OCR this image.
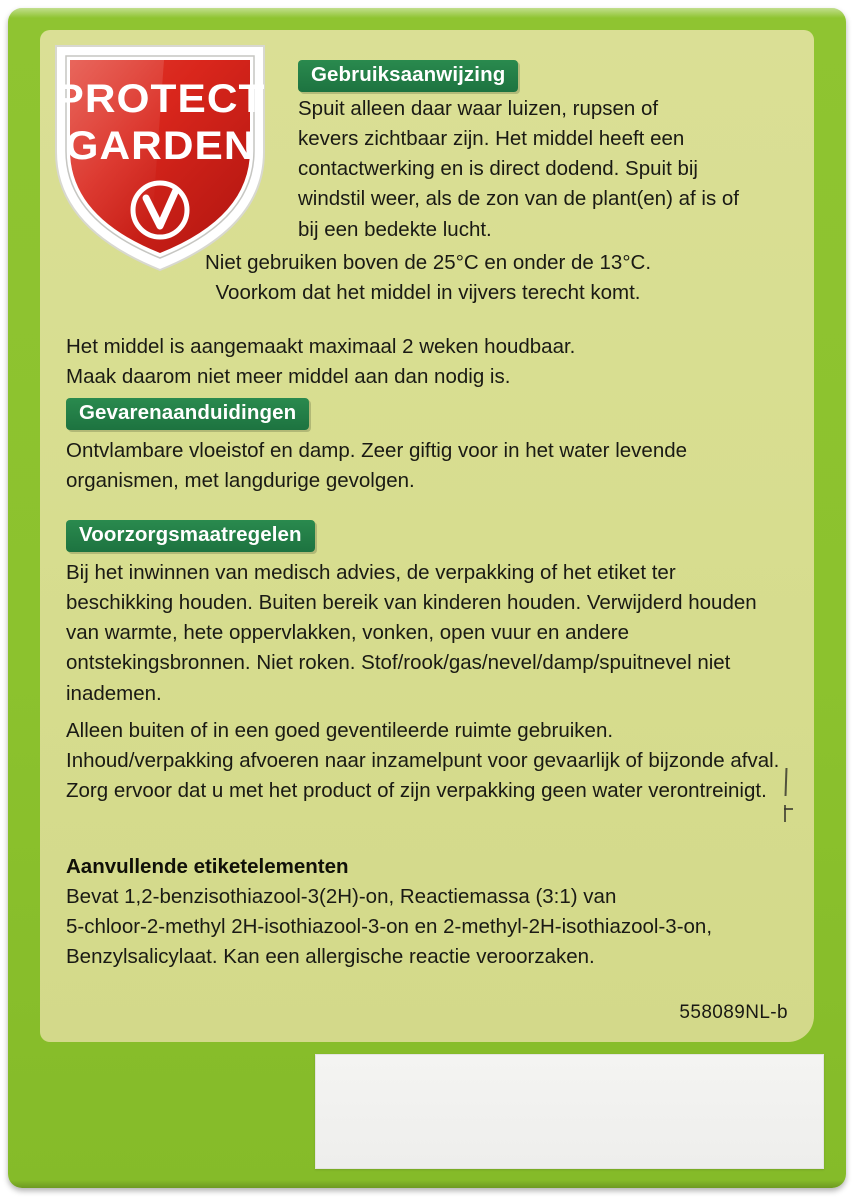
Gebruiksaanwijzing
Spuit alleen daar waar luizen, rupsen of
kevers zichtbaar zijn. Het middel heeft een
contactwerking en is direct dodend. Spuit bij
windstil weer, als de zon van de plant(en) af is of
bij een bedekte lucht.
Niet gebruiken boven de 25°C en onder de 13°C.
Voorkom dat het middel in vijvers terecht komt.
Het middel is aangemaakt maximaal 2 weken houdbaar.
Maak daarom niet meer middel aan dan nodig is.
Gevarenaanduidingen
Ontvlambare vloeistof en damp. Zeer giftig voor in het water levende organismen, met langdurige gevolgen.
Voorzorgsmaatregelen
Bij het inwinnen van medisch advies, de verpakking of het etiket ter beschikking houden. Buiten bereik van kinderen houden. Verwijderd houden van warmte, hete oppervlakken, vonken, open vuur en andere ontstekingsbronnen. Niet roken. Stof/rook/gas/nevel/damp/spuitnevel niet inademen.
Alleen buiten of in een goed geventileerde ruimte gebruiken. Inhoud/verpakking afvoeren naar inzamelpunt voor gevaarlijk of bijzonde afval. Zorg ervoor dat u met het product of zijn verpakking geen water verontreinigt.
Aanvullende etiketelementen
Bevat 1,2-benzisothiazool-3(2H)-on, Reactiemassa (3:1) van
5-chloor-2-methyl 2H-isothiazool-3-on en 2-methyl-2H-isothiazool-3-on,
Benzylsalicylaat. Kan een allergische reactie veroorzaken.
558089NL-b
PROTECT
GARDEN
